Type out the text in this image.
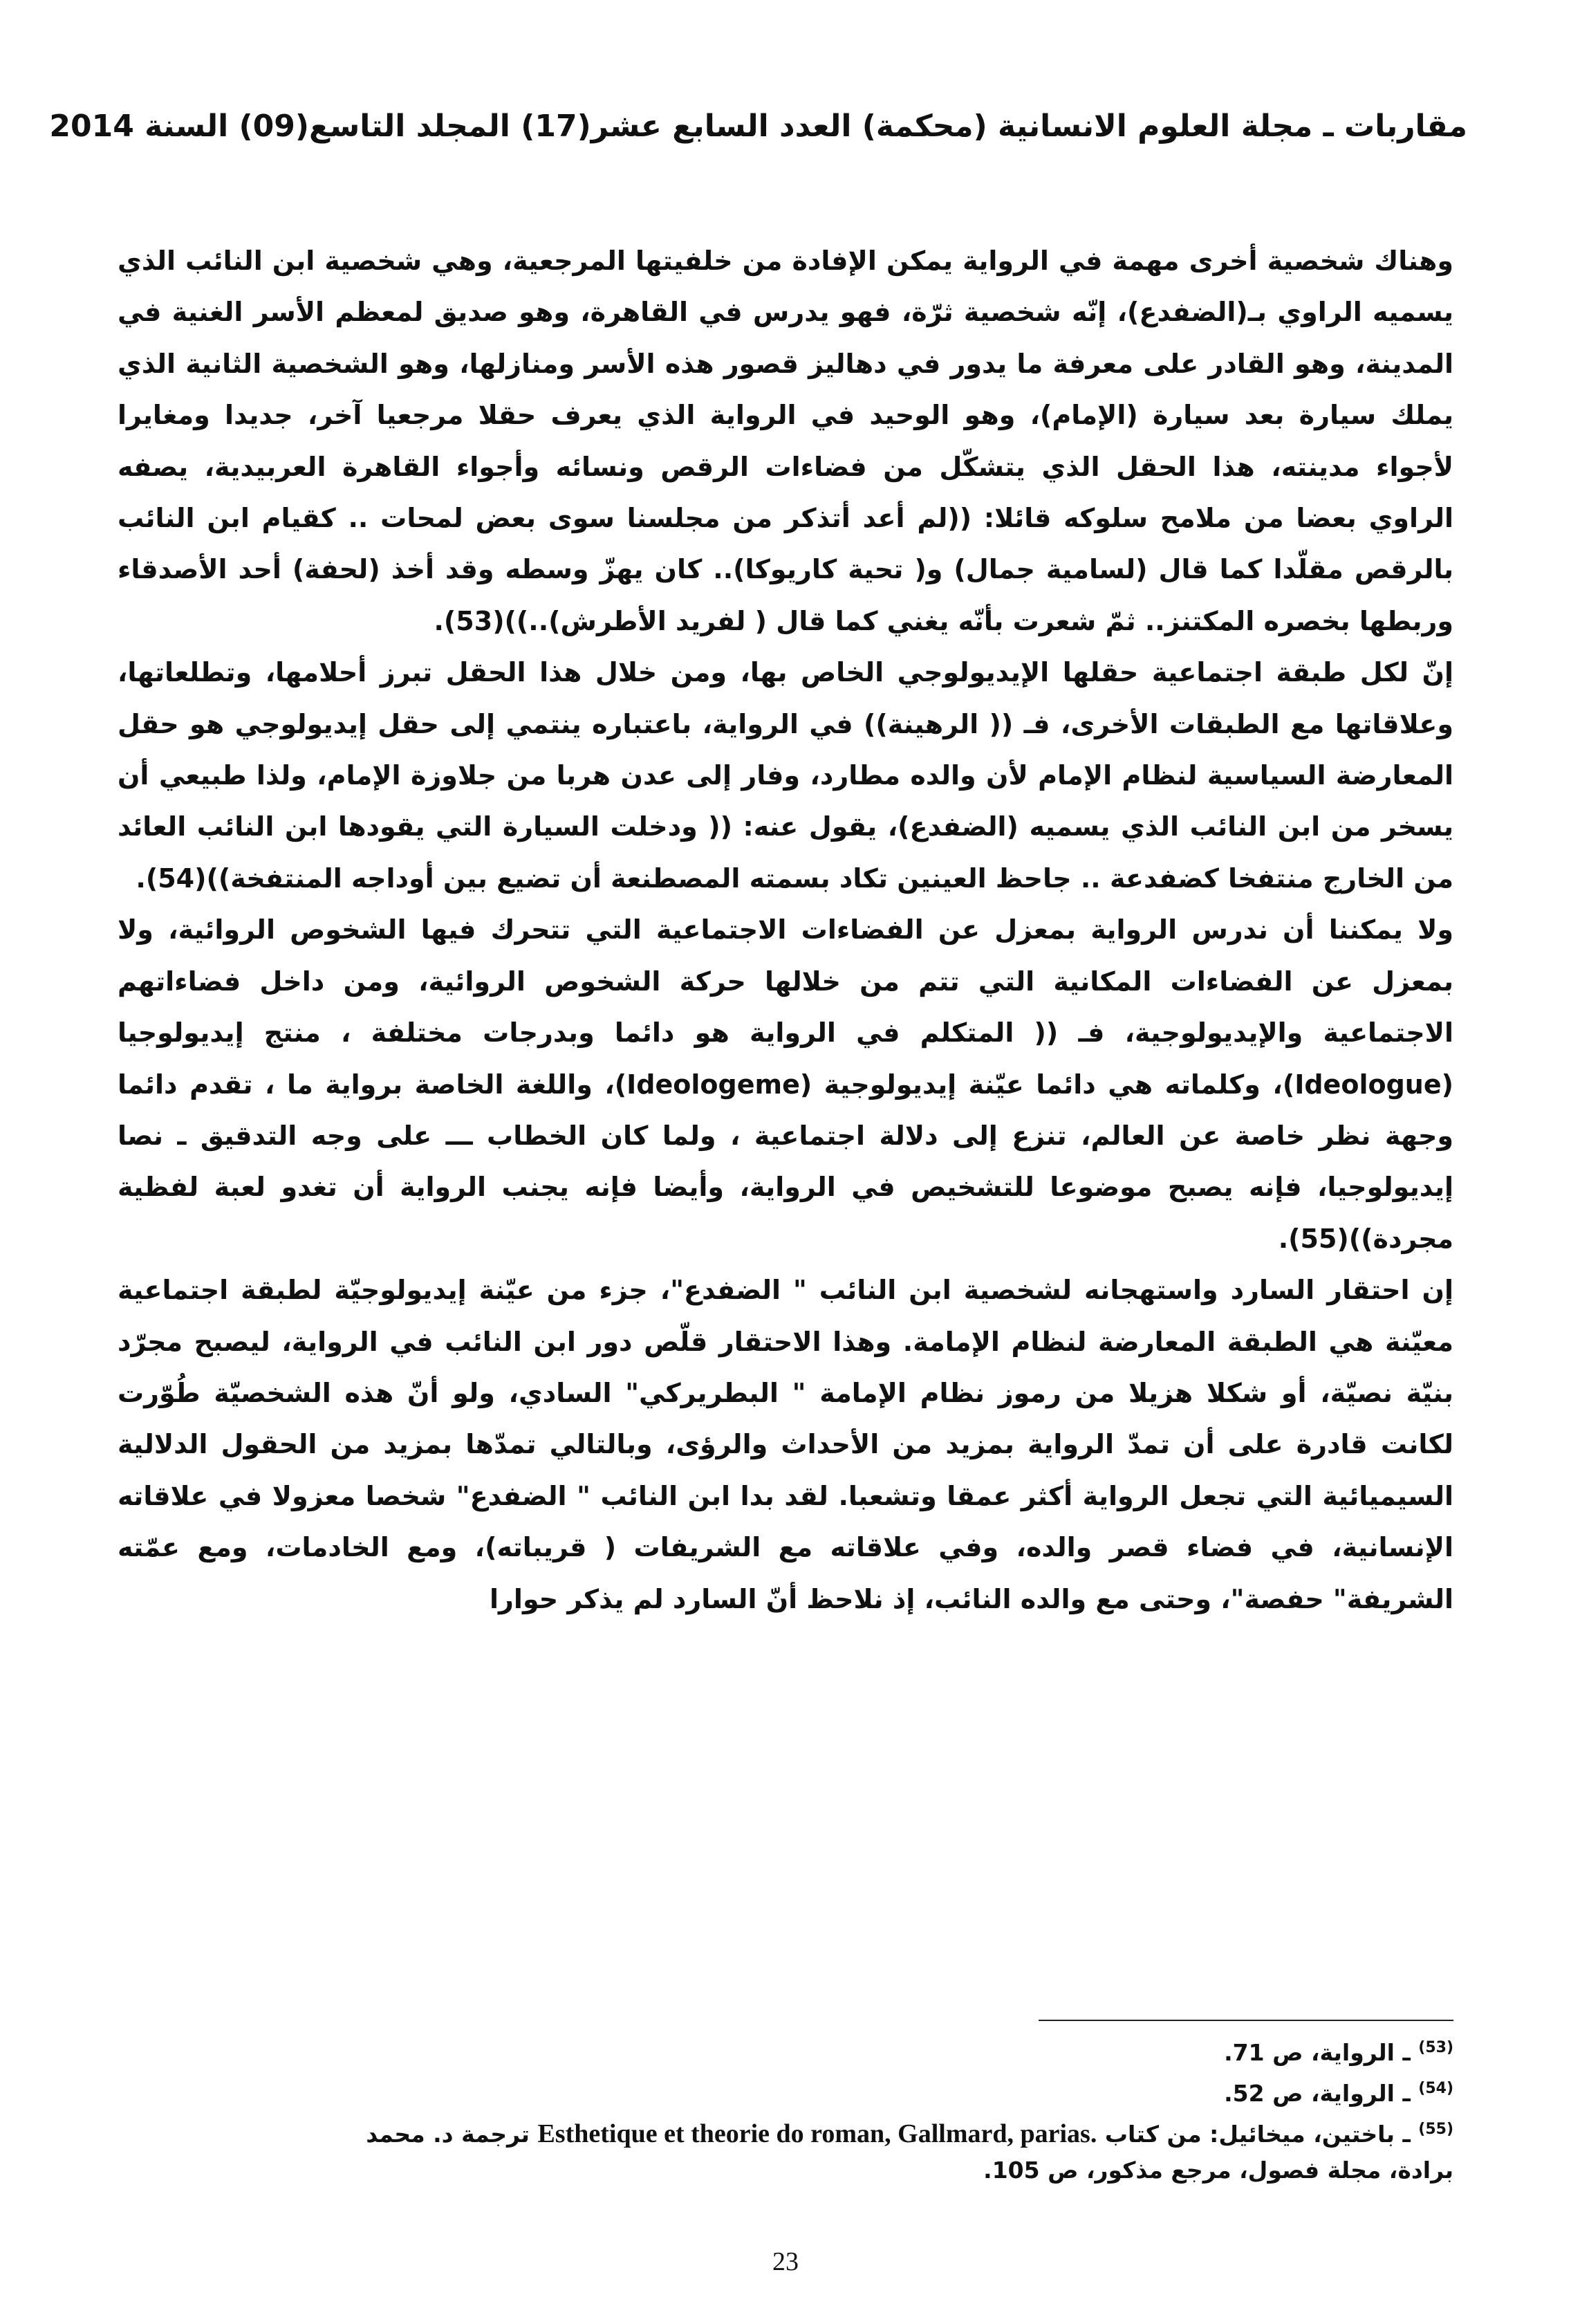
مقاربات ـ مجلة العلوم الانسانية (محكمة) العدد السابع عشر(17) المجلد التاسع(09) السنة 2014

وهناك شخصية أخرى مهمة في الرواية يمكن الإفادة من خلفيتها المرجعية، وهي شخصية ابن النائب الذي يسميه الراوي بـ(الضفدع)، إنّه شخصية ثرّة، فهو يدرس في القاهرة، وهو صديق لمعظم الأسر الغنية في المدينة، وهو القادر على معرفة ما يدور في دهاليز قصور هذه الأسر ومنازلها، وهو الشخصية الثانية الذي يملك سيارة بعد سيارة (الإمام)، وهو الوحيد في الرواية الذي يعرف حقلا مرجعيا آخر، جديدا ومغايرا لأجواء مدينته، هذا الحقل الذي يتشكّل من فضاءات الرقص ونسائه وأجواء القاهرة العربيدية، يصفه الراوي بعضا من ملامح سلوكه قائلا: ((لم أعد أتذكر من مجلسنا سوى بعض لمحات .. كقيام ابن النائب بالرقص مقلّدا كما قال (لسامية جمال) و( تحية كاريوكا).. كان يهزّ وسطه وقد أخذ (لحفة) أحد الأصدقاء وربطها بخصره المكتنز.. ثمّ شعرت بأنّه يغني كما قال ( لفريد الأطرش)..))(53).

إنّ لكل طبقة اجتماعية حقلها الإيديولوجي الخاص بها، ومن خلال هذا الحقل تبرز أحلامها، وتطلعاتها، وعلاقاتها مع الطبقات الأخرى، فـ (( الرهينة)) في الرواية، باعتباره ينتمي إلى حقل إيديولوجي هو حقل المعارضة السياسية لنظام الإمام لأن والده مطارد، وفار إلى عدن هربا من جلاوزة الإمام، ولذا طبيعي أن يسخر من ابن النائب الذي يسميه (الضفدع)، يقول عنه: (( ودخلت السيارة التي يقودها ابن النائب العائد من الخارج منتفخا كضفدعة .. جاحظ العينين تكاد بسمته المصطنعة أن تضيع بين أوداجه المنتفخة))(54).

ولا يمكننا أن ندرس الرواية بمعزل عن الفضاءات الاجتماعية التي تتحرك فيها الشخوص الروائية، ولا بمعزل عن الفضاءات المكانية التي تتم من خلالها حركة الشخوص الروائية، ومن داخل فضاءاتهم الاجتماعية والإيديولوجية، فـ (( المتكلم في الرواية هو دائما وبدرجات مختلفة ، منتج إيديولوجيا (Ideologue)، وكلماته هي دائما عيّنة إيديولوجية (Ideologeme)، واللغة الخاصة برواية ما ، تقدم دائما وجهة نظر خاصة عن العالم، تنزع إلى دلالة اجتماعية ، ولما كان الخطاب ـــ على وجه التدقيق ـ نصا إيديولوجيا، فإنه يصبح موضوعا للتشخيص في الرواية، وأيضا فإنه يجنب الرواية أن تغدو لعبة لفظية مجردة))(55).

إن احتقار السارد واستهجانه لشخصية ابن النائب " الضفدع"، جزء من عيّنة إيديولوجيّة لطبقة اجتماعية معيّنة هي الطبقة المعارضة لنظام الإمامة. وهذا الاحتقار قلّص دور ابن النائب في الرواية، ليصبح مجرّد بنيّة نصيّة، أو شكلا هزيلا من رموز نظام الإمامة " البطريركي" السادي، ولو أنّ هذه الشخصيّة طُوّرت لكانت قادرة على أن تمدّ الرواية بمزيد من الأحداث والرؤى، وبالتالي تمدّها بمزيد من الحقول الدلالية السيميائية التي تجعل الرواية أكثر عمقا وتشعبا. لقد بدا ابن النائب " الضفدع" شخصا معزولا في علاقاته الإنسانية، في فضاء قصر والده، وفي علاقاته مع الشريفات ( قريباته)، ومع الخادمات، ومع عمّته الشريفة" حفصة"، وحتى مع والده النائب، إذ نلاحظ أنّ السارد لم يذكر حوارا

$^{(53)}$ ـ الرواية، ص 71.

$^{(54)}$ ـ الرواية، ص 52.

$^{(55)}$ ـ باختين، ميخائيل: من كتاب Esthetique et theorie do roman, Gallmard, parias. ترجمة د. محمد

برادة، مجلة فصول، مرجع مذكور، ص 105.

23
